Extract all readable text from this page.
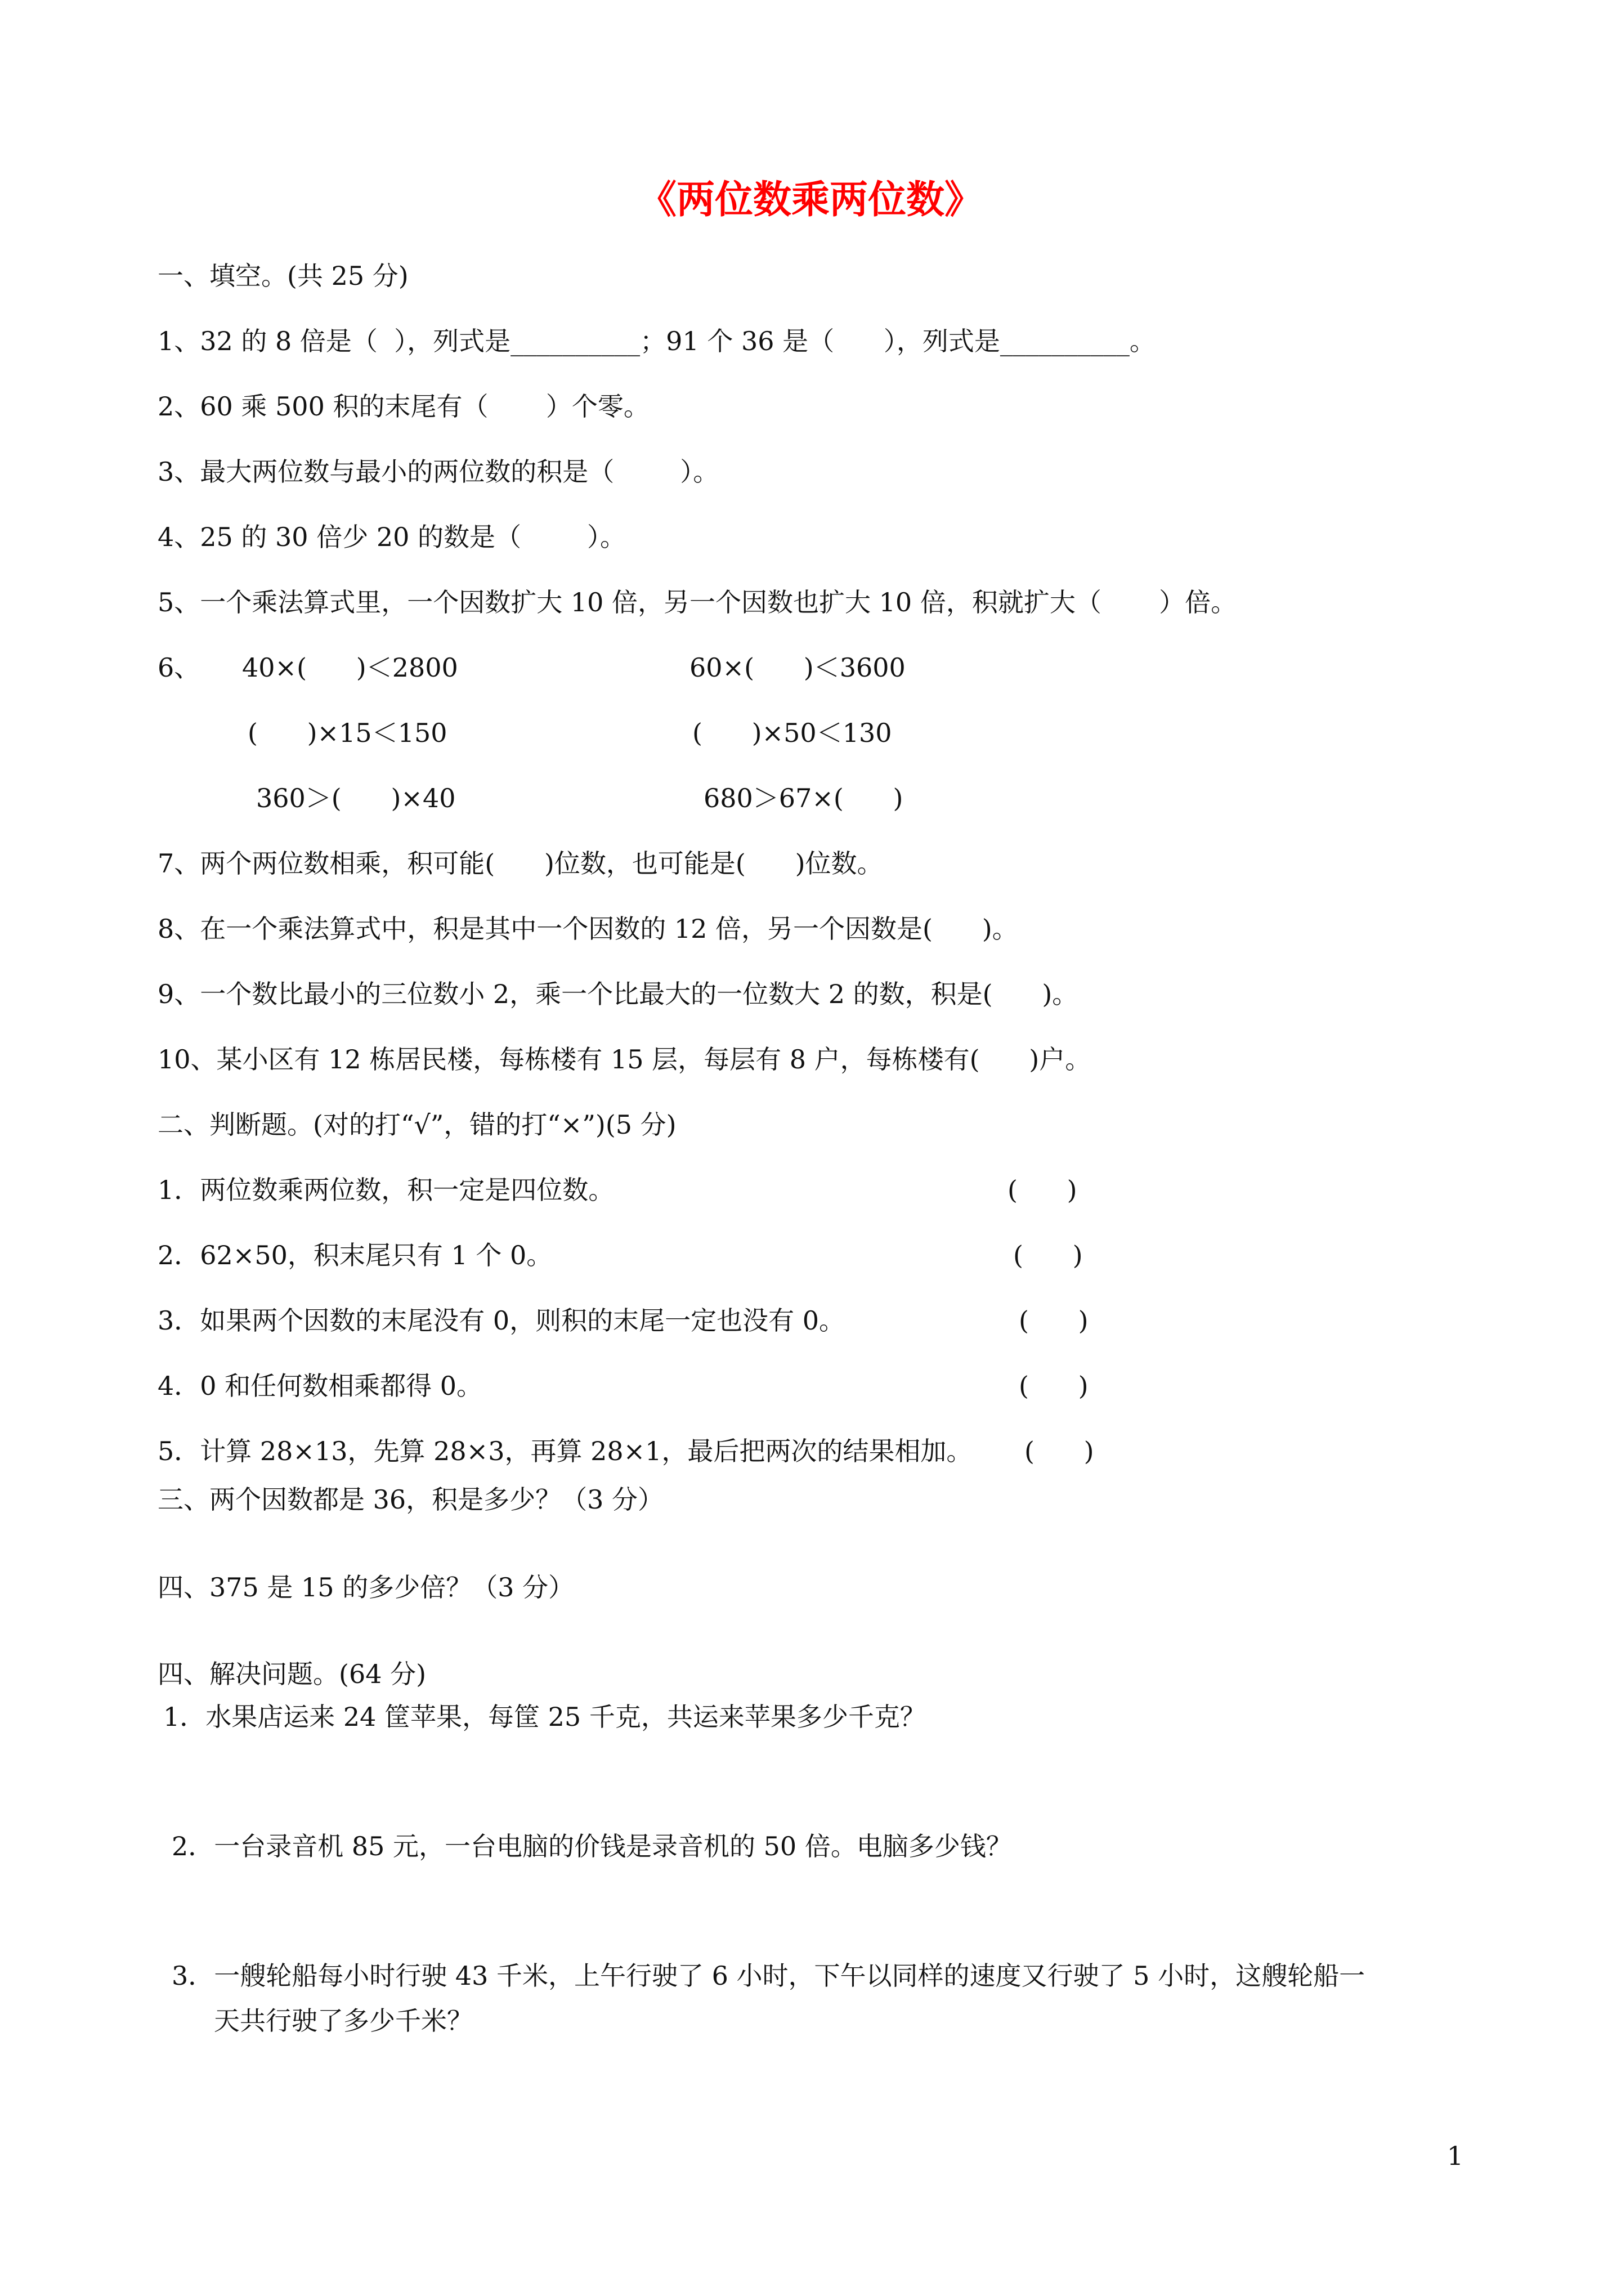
《两位数乘两位数》
一、填空。(共 25 分)
1、32 的 8 倍是（  ），列式是__________；91 个 36 是（      ），列式是__________。
2、60 乘 500 积的末尾有（       ）个零。
3、最大两位数与最小的两位数的积是（        ）。
4、25 的 30 倍少 20 的数是（        ）。
5、一个乘法算式里，一个因数扩大 10 倍，另一个因数也扩大 10 倍，积就扩大（       ）倍。
6、 40×(      )＜2800	60×(      )＜3600
(      )×15＜150	(      )×50＜130
360＞(      )×40	680＞67×(      )
7、两个两位数相乘，积可能(      )位数，也可能是(      )位数。
8、在一个乘法算式中，积是其中一个因数的 12 倍，另一个因数是(      )。
9、一个数比最小的三位数小 2，乘一个比最大的一位数大 2 的数，积是(      )。
10、某小区有 12 栋居民楼，每栋楼有 15 层，每层有 8 户，每栋楼有(      )户。
二、判断题。(对的打“√”，错的打“×”)(5 分)
1．两位数乘两位数，积一定是四位数。	(      )
2．62×50，积末尾只有 1 个 0。	(      )
3．如果两个因数的末尾没有 0，则积的末尾一定也没有 0。	(      )
4．0 和任何数相乘都得 0。	(      )
5．计算 28×13，先算 28×3，再算 28×1，最后把两次的结果相加。 (      )
三、两个因数都是 36，积是多少？（3 分）
四、375 是 15 的多少倍？（3 分）
四、解决问题。(64 分)
1．水果店运来 24 筐苹果，每筐 25 千克，共运来苹果多少千克？
2．一台录音机 85 元，一台电脑的价钱是录音机的 50 倍。电脑多少钱？
3．一艘轮船每小时行驶 43 千米，上午行驶了 6 小时，下午以同样的速度又行驶了 5 小时，这艘轮船一
天共行驶了多少千米？
1
